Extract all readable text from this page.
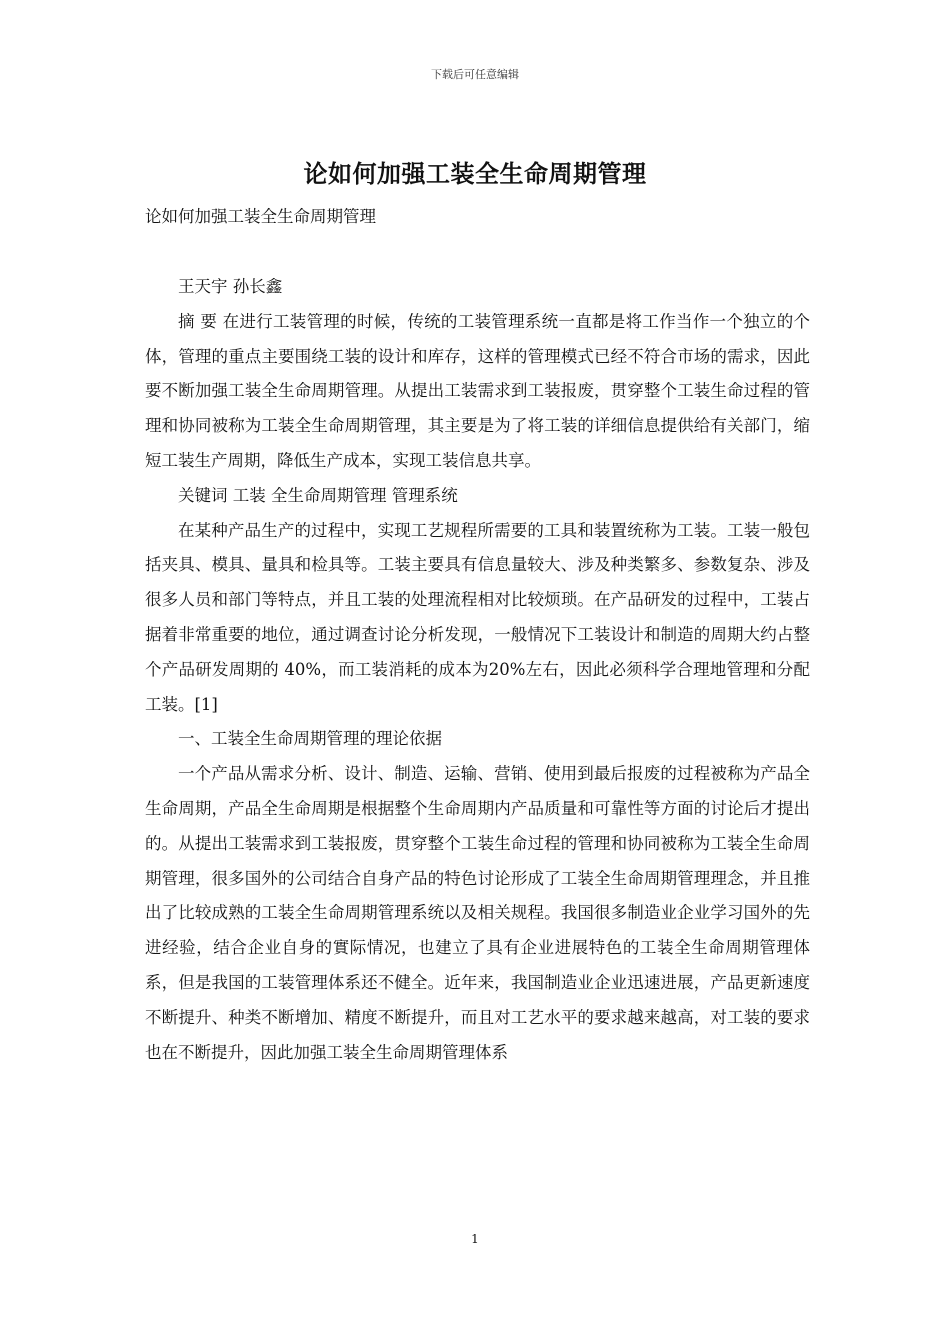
下载后可任意编辑
论如何加强工装全生命周期管理
论如何加强工装全生命周期管理

王天宇 孙长鑫

摘 要 在进行工装管理的时候，传统的工装管理系统一直都是将工作当作一个独立的个体，管理的重点主要围绕工装的设计和库存，这样的管理模式已经不符合市场的需求，因此要不断加强工装全生命周期管理。从提出工装需求到工装报废，贯穿整个工装生命过程的管理和协同被称为工装全生命周期管理，其主要是为了将工装的详细信息提供给有关部门，缩短工装生产周期，降低生产成本，实现工装信息共享。

关键词 工装 全生命周期管理 管理系统

在某种产品生产的过程中，实现工艺规程所需要的工具和装置统称为工装。工装一般包括夹具、模具、量具和检具等。工装主要具有信息量较大、涉及种类繁多、参数复杂、涉及很多人员和部门等特点，并且工装的处理流程相对比较烦琐。在产品研发的过程中，工装占据着非常重要的地位，通过调查讨论分析发现，一般情况下工装设计和制造的周期大约占整个产品研发周期的 40%，而工装消耗的成本为20%左右，因此必须科学合理地管理和分配工装。[1]

一、工装全生命周期管理的理论依据

一个产品从需求分析、设计、制造、运输、营销、使用到最后报废的过程被称为产品全生命周期，产品全生命周期是根据整个生命周期内产品质量和可靠性等方面的讨论后才提出的。从提出工装需求到工装报废，贯穿整个工装生命过程的管理和协同被称为工装全生命周期管理，很多国外的公司结合自身产品的特色讨论形成了工装全生命周期管理理念，并且推出了比较成熟的工装全生命周期管理系统以及相关规程。我国很多制造业企业学习国外的先进经验，结合企业自身的實际情况，也建立了具有企业进展特色的工装全生命周期管理体系，但是我国的工装管理体系还不健全。近年来，我国制造业企业迅速进展，产品更新速度不断提升、种类不断增加、精度不断提升，而且对工艺水平的要求越来越高，对工装的要求也在不断提升，因此加强工装全生命周期管理体系

1
